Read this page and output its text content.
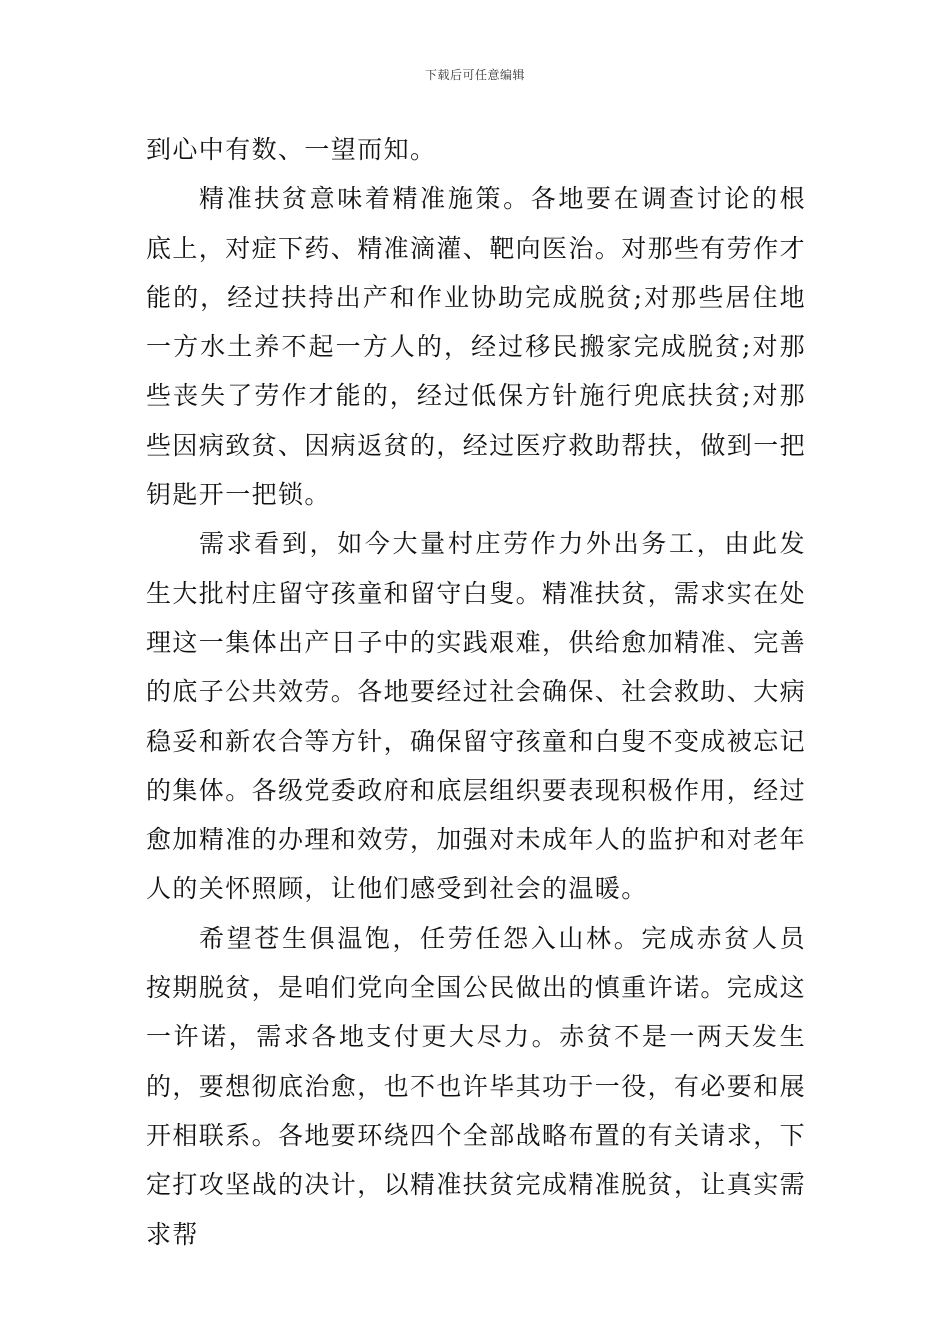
下载后可任意编辑

到心中有数、一望而知。

精准扶贫意味着精准施策。各地要在调查讨论的根底上，对症下药、精准滴灌、靶向医治。对那些有劳作才能的，经过扶持出产和作业协助完成脱贫;对那些居住地一方水土养不起一方人的，经过移民搬家完成脱贫;对那些丧失了劳作才能的，经过低保方针施行兜底扶贫;对那些因病致贫、因病返贫的，经过医疗救助帮扶，做到一把钥匙开一把锁。

需求看到，如今大量村庄劳作力外出务工，由此发生大批村庄留守孩童和留守白叟。精准扶贫，需求实在处理这一集体出产日子中的实践艰难，供给愈加精准、完善的底子公共效劳。各地要经过社会确保、社会救助、大病稳妥和新农合等方针，确保留守孩童和白叟不变成被忘记的集体。各级党委政府和底层组织要表现积极作用，经过愈加精准的办理和效劳，加强对未成年人的监护和对老年人的关怀照顾，让他们感受到社会的温暖。

希望苍生俱温饱，任劳任怨入山林。完成赤贫人员按期脱贫，是咱们党向全国公民做出的慎重许诺。完成这一许诺，需求各地支付更大尽力。赤贫不是一两天发生的，要想彻底治愈，也不也许毕其功于一役，有必要和展开相联系。各地要环绕四个全部战略布置的有关请求，下定打攻坚战的决计，以精准扶贫完成精准脱贫，让真实需求帮
